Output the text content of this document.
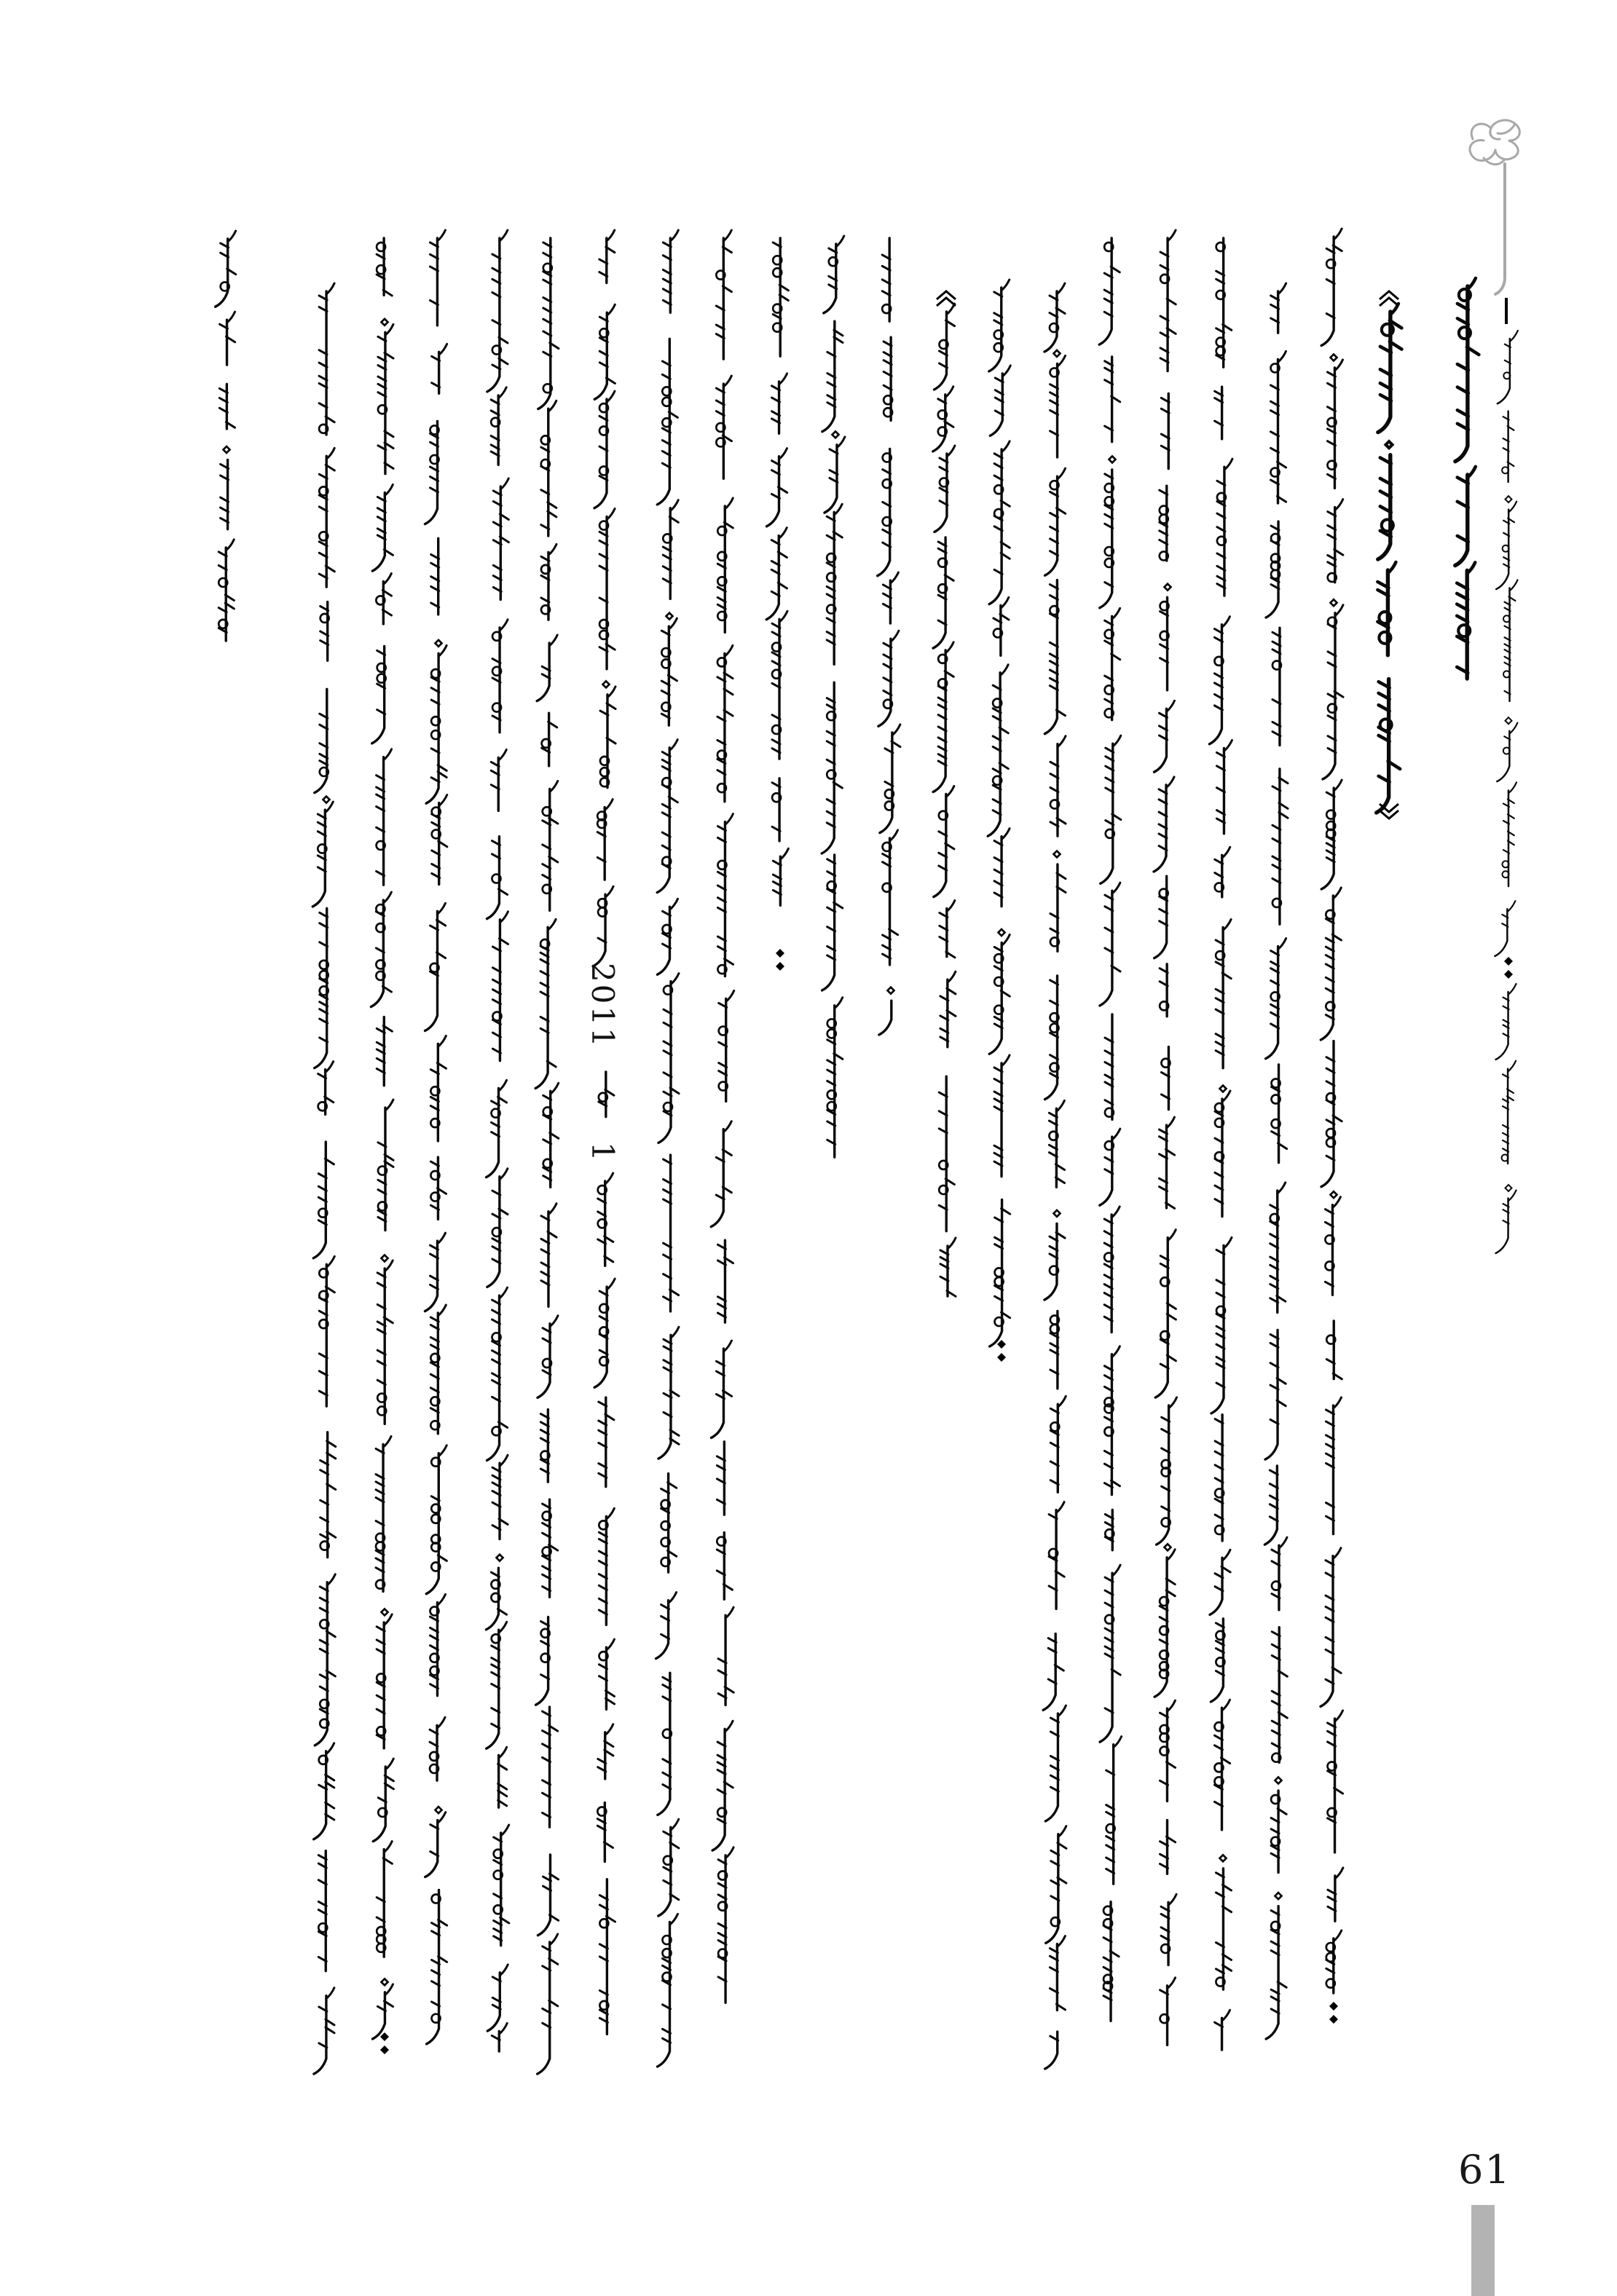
2011
1
61
